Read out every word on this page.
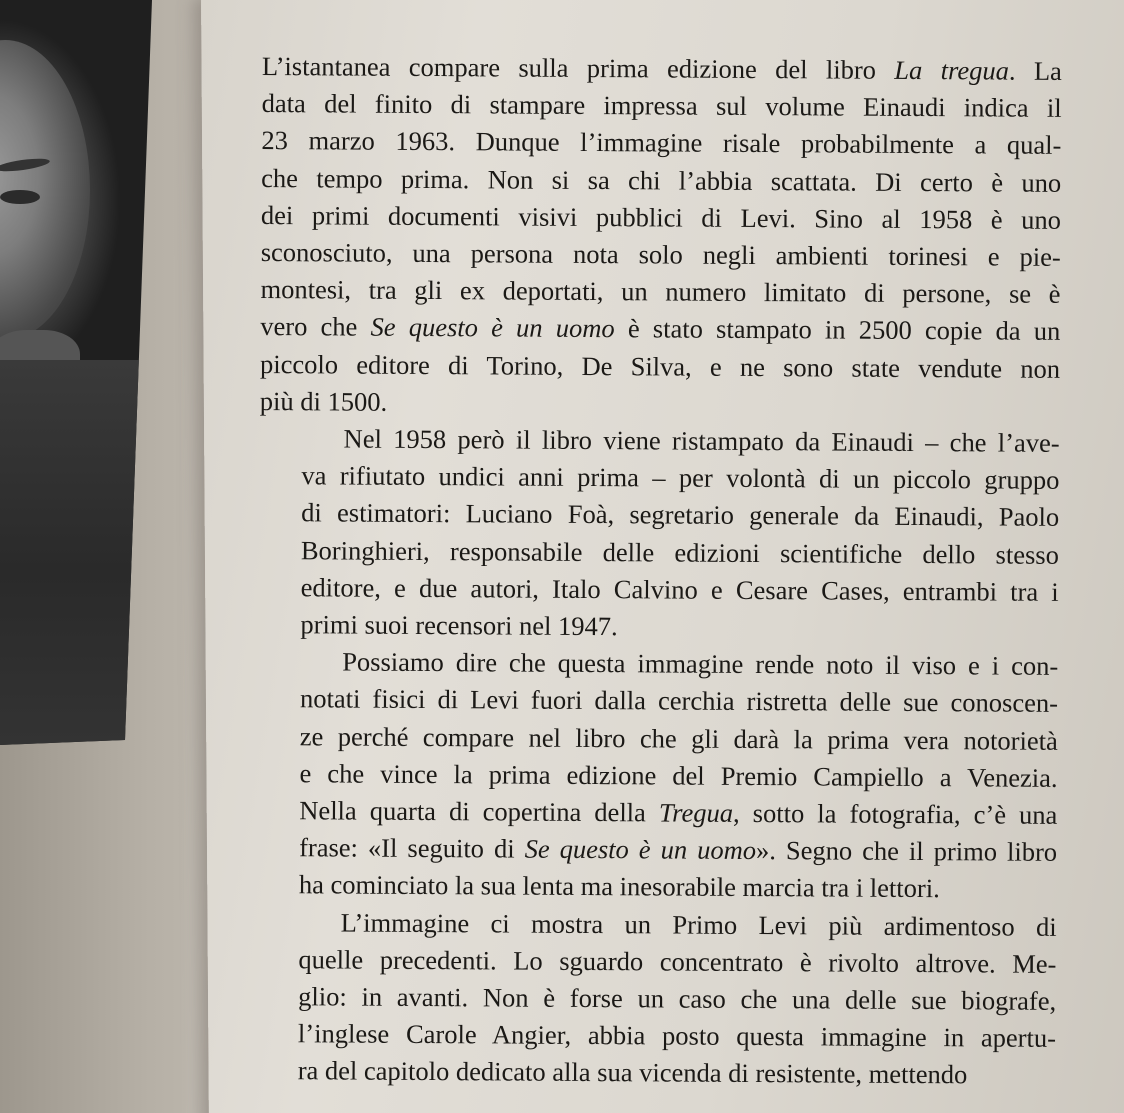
L’istantanea compare sulla prima edizione del libro La tregua. La
data del finito di stampare impressa sul volume Einaudi indica il
23 marzo 1963. Dunque l’immagine risale probabilmente a qual-
che tempo prima. Non si sa chi l’abbia scattata. Di certo è uno
dei primi documenti visivi pubblici di Levi. Sino al 1958 è uno
sconosciuto, una persona nota solo negli ambienti torinesi e pie-
montesi, tra gli ex deportati, un numero limitato di persone, se è
vero che Se questo è un uomo è stato stampato in 2500 copie da un
piccolo editore di Torino, De Silva, e ne sono state vendute non
più di 1500.
Nel 1958 però il libro viene ristampato da Einaudi – che l’ave-
va rifiutato undici anni prima – per volontà di un piccolo gruppo
di estimatori: Luciano Foà, segretario generale da Einaudi, Paolo
Boringhieri, responsabile delle edizioni scientifiche dello stesso
editore, e due autori, Italo Calvino e Cesare Cases, entrambi tra i
primi suoi recensori nel 1947.
Possiamo dire che questa immagine rende noto il viso e i con-
notati fisici di Levi fuori dalla cerchia ristretta delle sue conoscen-
ze perché compare nel libro che gli darà la prima vera notorietà
e che vince la prima edizione del Premio Campiello a Venezia.
Nella quarta di copertina della Tregua, sotto la fotografia, c’è una
frase: «Il seguito di Se questo è un uomo». Segno che il primo libro
ha cominciato la sua lenta ma inesorabile marcia tra i lettori.
L’immagine ci mostra un Primo Levi più ardimentoso di
quelle precedenti. Lo sguardo concentrato è rivolto altrove. Me-
glio: in avanti. Non è forse un caso che una delle sue biografe,
l’inglese Carole Angier, abbia posto questa immagine in apertu-
ra del capitolo dedicato alla sua vicenda di resistente, mettendo
